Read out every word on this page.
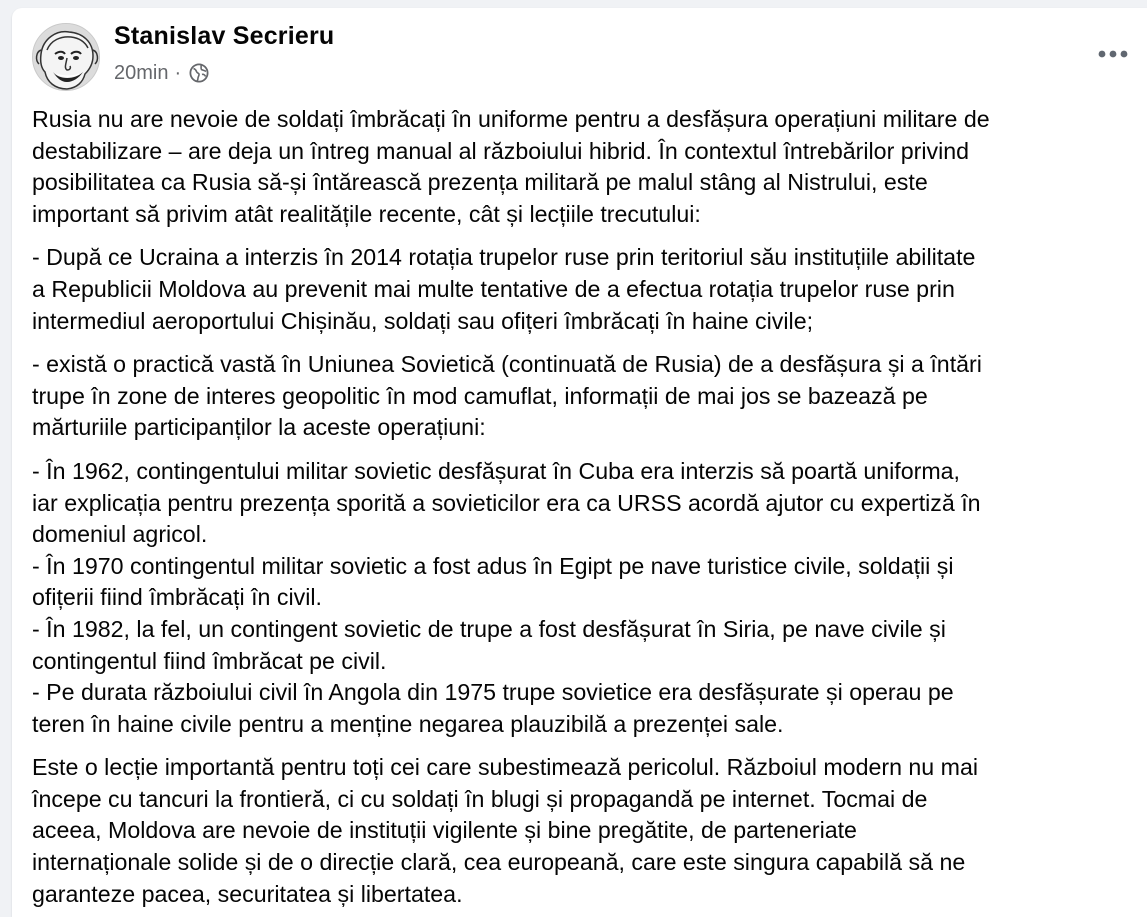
Stanislav Secrieru
20min ·
Rusia nu are nevoie de soldați îmbrăcați în uniforme pentru a desfășura operațiuni militare de
destabilizare – are deja un întreg manual al războiului hibrid. În contextul întrebărilor privind
posibilitatea ca Rusia să-și întărească prezența militară pe malul stâng al Nistrului, este
important să privim atât realitățile recente, cât și lecțiile trecutului:
- După ce Ucraina a interzis în 2014 rotația trupelor ruse prin teritoriul său instituțiile abilitate
a Republicii Moldova au prevenit mai multe tentative de a efectua rotația trupelor ruse prin
intermediul aeroportului Chișinău, soldați sau ofițeri îmbrăcați în haine civile;
- există o practică vastă în Uniunea Sovietică (continuată de Rusia) de a desfășura și a întări
trupe în zone de interes geopolitic în mod camuflat, informații de mai jos se bazează pe
mărturiile participanților la aceste operațiuni:
- În 1962, contingentului militar sovietic desfășurat în Cuba era interzis să poartă uniforma,
iar explicația pentru prezența sporită a sovieticilor era ca URSS acordă ajutor cu expertiză în
domeniul agricol.
- În 1970 contingentul militar sovietic a fost adus în Egipt pe nave turistice civile, soldații și
ofițerii fiind îmbrăcați în civil.
- În 1982, la fel, un contingent sovietic de trupe a fost desfășurat în Siria, pe nave civile și
contingentul fiind îmbrăcat pe civil.
- Pe durata războiului civil în Angola din 1975 trupe sovietice era desfășurate și operau pe
teren în haine civile pentru a menține negarea plauzibilă a prezenței sale.
Este o lecție importantă pentru toți cei care subestimează pericolul. Războiul modern nu mai
începe cu tancuri la frontieră, ci cu soldați în blugi și propagandă pe internet. Tocmai de
aceea, Moldova are nevoie de instituții vigilente și bine pregătite, de parteneriate
internaționale solide și de o direcție clară, cea europeană, care este singura capabilă să ne
garanteze pacea, securitatea și libertatea.
